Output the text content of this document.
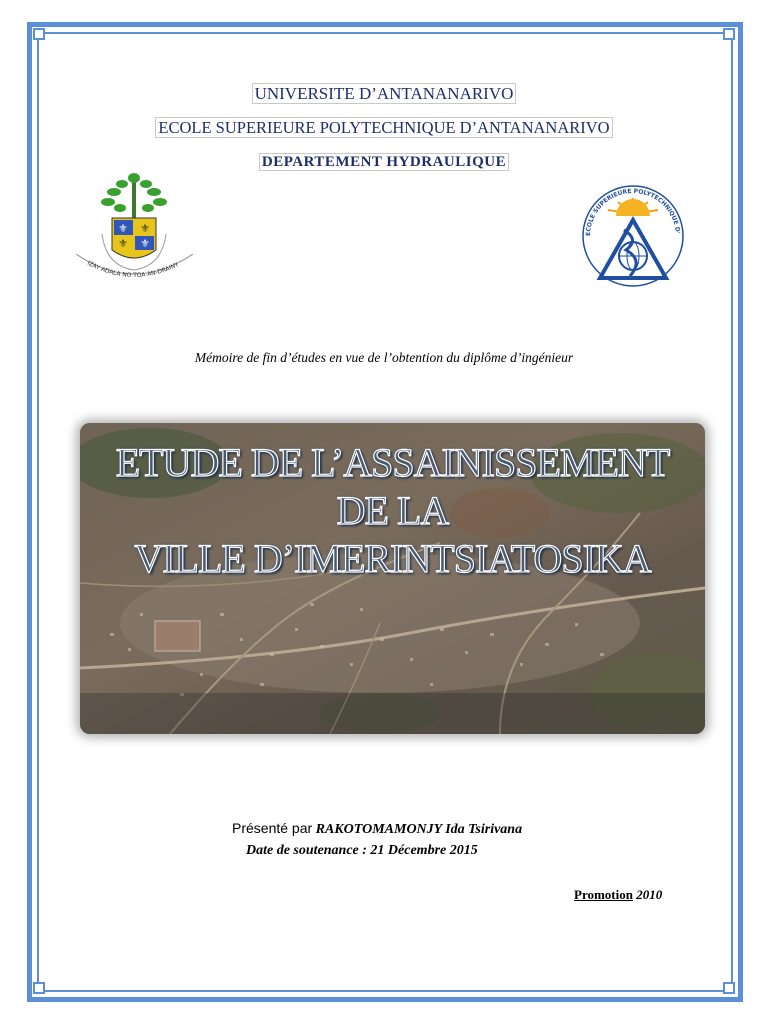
UNIVERSITE D’ANTANANARIVO
ECOLE SUPERIEURE POLYTECHNIQUE D’ANTANANARIVO
DEPARTEMENT HYDRAULIQUE
⚜ ⚜
⚜ ⚜
IZAY ADALA NO TOA AN-DRAINY
ECOLE SUPERIEURE POLYTECHNIQUE D'
Mémoire de fin d’études en vue de l’obtention du diplôme d’ingénieur
ETUDE DE L’ASSAINISSEMENT
DE LA
VILLE D’IMERINTSIATOSIKA
Présenté par RAKOTOMAMONJY Ida Tsirivana
Date de soutenance : 21 Décembre 2015
Promotion 2010
